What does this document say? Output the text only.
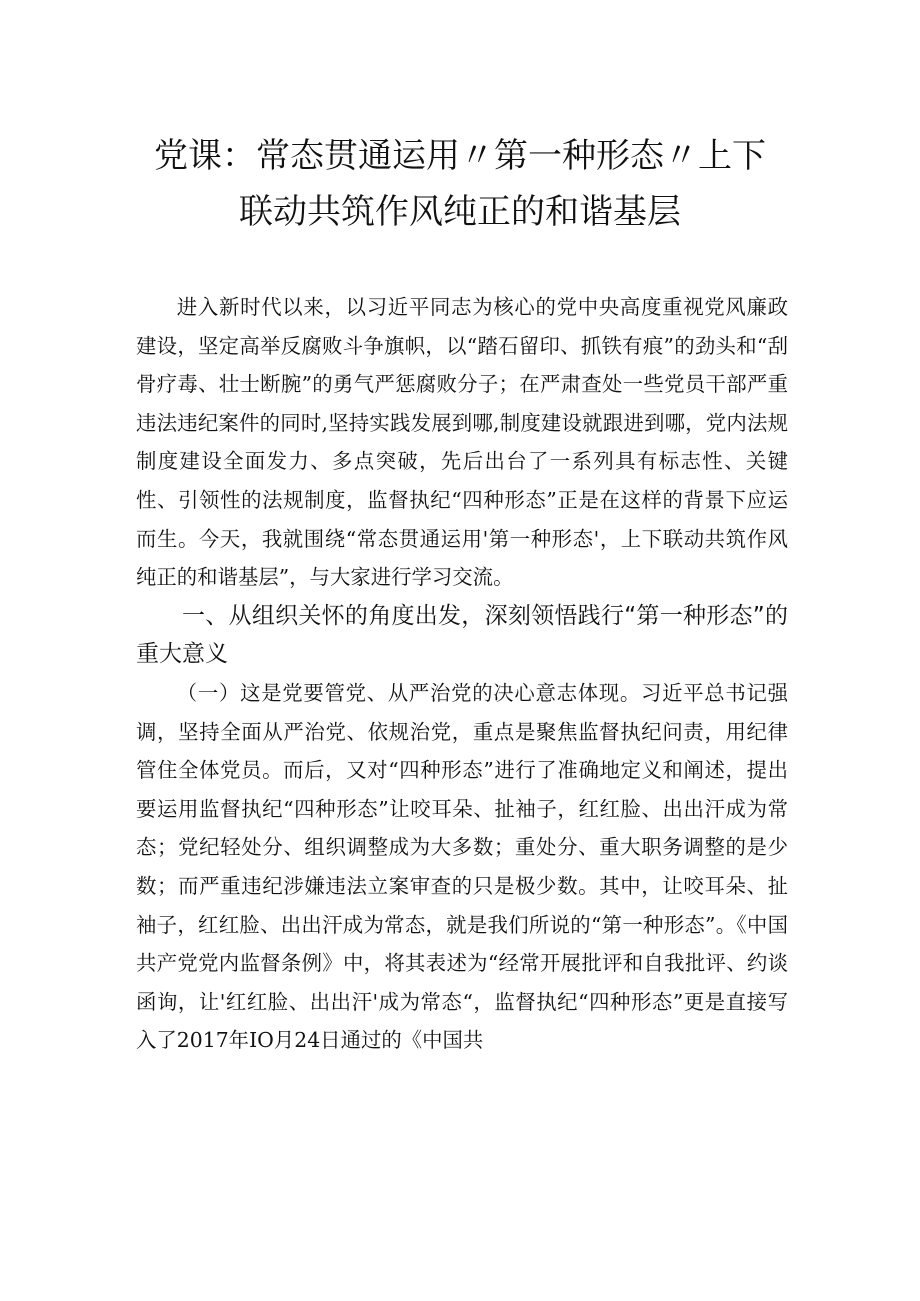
党课：常态贯通运用〃第一种形态〃上下
联动共筑作风纯正的和谐基层

进入新时代以来，以习近平同志为核心的党中央高度重视党风廉政建设，坚定高举反腐败斗争旗帜，以“踏石留印、抓铁有痕”的劲头和“刮骨疗毒、壮士断腕”的勇气严惩腐败分子；在严肃查处一些党员干部严重违法违纪案件的同时,坚持实践发展到哪,制度建设就跟进到哪，党内法规制度建设全面发力、多点突破，先后出台了一系列具有标志性、关键性、引领性的法规制度，监督执纪“四种形态”正是在这样的背景下应运而生。今天，我就围绕“常态贯通运用'第一种形态'，上下联动共筑作风纯正的和谐基层”，与大家进行学习交流。

一、从组织关怀的角度出发，深刻领悟践行“第一种形态”的重大意义

（一）这是党要管党、从严治党的决心意志体现。习近平总书记强调，坚持全面从严治党、依规治党，重点是聚焦监督执纪问责，用纪律管住全体党员。而后，又对“四种形态”进行了准确地定义和阐述，提出要运用监督执纪“四种形态”让咬耳朵、扯袖子，红红脸、出出汗成为常态；党纪轻处分、组织调整成为大多数；重处分、重大职务调整的是少数；而严重违纪涉嫌违法立案审查的只是极少数。其中，让咬耳朵、扯袖子，红红脸、出出汗成为常态，就是我们所说的“第一种形态”。《中国共产党党内监督条例》中，将其表述为“经常开展批评和自我批评、约谈函询，让'红红脸、出出汗'成为常态“，监督执纪“四种形态”更是直接写入了2017年IO月24日通过的《中国共
